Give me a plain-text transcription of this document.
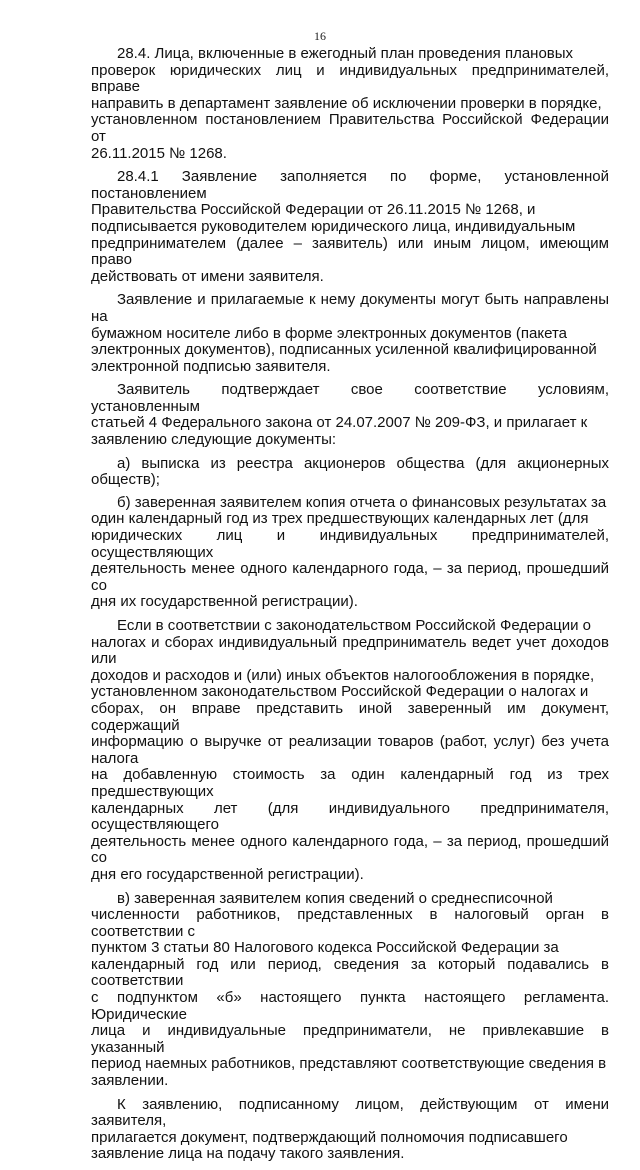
16

28.4. Лица, включенные в ежегодный план проведения плановых
проверок юридических лиц и индивидуальных предпринимателей, вправе
направить в департамент заявление об исключении проверки в порядке,
установленном постановлением Правительства Российской Федерации от
26.11.2015 № 1268.

28.4.1 Заявление заполняется по форме, установленной постановлением
Правительства Российской Федерации от 26.11.2015 № 1268, и
подписывается руководителем юридического лица, индивидуальным
предпринимателем (далее – заявитель) или иным лицом, имеющим право
действовать от имени заявителя.

Заявление и прилагаемые к нему документы могут быть направлены на
бумажном носителе либо в форме электронных документов (пакета
электронных документов), подписанных усиленной квалифицированной
электронной подписью заявителя.

Заявитель подтверждает свое соответствие условиям, установленным
статьей 4 Федерального закона от 24.07.2007 № 209-ФЗ, и прилагает к
заявлению следующие документы:

а) выписка из реестра акционеров общества (для акционерных обществ);

б) заверенная заявителем копия отчета о финансовых результатах за
один календарный год из трех предшествующих календарных лет (для
юридических лиц и индивидуальных предпринимателей, осуществляющих
деятельность менее одного календарного года, – за период, прошедший со
дня их государственной регистрации).

Если в соответствии с законодательством Российской Федерации о
налогах и сборах индивидуальный предприниматель ведет учет доходов или
доходов и расходов и (или) иных объектов налогообложения в порядке,
установленном законодательством Российской Федерации о налогах и
сборах, он вправе представить иной заверенный им документ, содержащий
информацию о выручке от реализации товаров (работ, услуг) без учета налога
на добавленную стоимость за один календарный год из трех предшествующих
календарных лет (для индивидуального предпринимателя, осуществляющего
деятельность менее одного календарного года, – за период, прошедший со
дня его государственной регистрации).

в) заверенная заявителем копия сведений о среднесписочной
численности работников, представленных в налоговый орган в соответствии с
пунктом 3 статьи 80 Налогового кодекса Российской Федерации за
календарный год или период, сведения за который подавались в соответствии
с подпунктом «б» настоящего пункта настоящего регламента. Юридические
лица и индивидуальные предприниматели, не привлекавшие в указанный
период наемных работников, представляют соответствующие сведения в
заявлении.

К заявлению, подписанному лицом, действующим от имени заявителя,
прилагается документ, подтверждающий полномочия подписавшего
заявление лица на подачу такого заявления.
